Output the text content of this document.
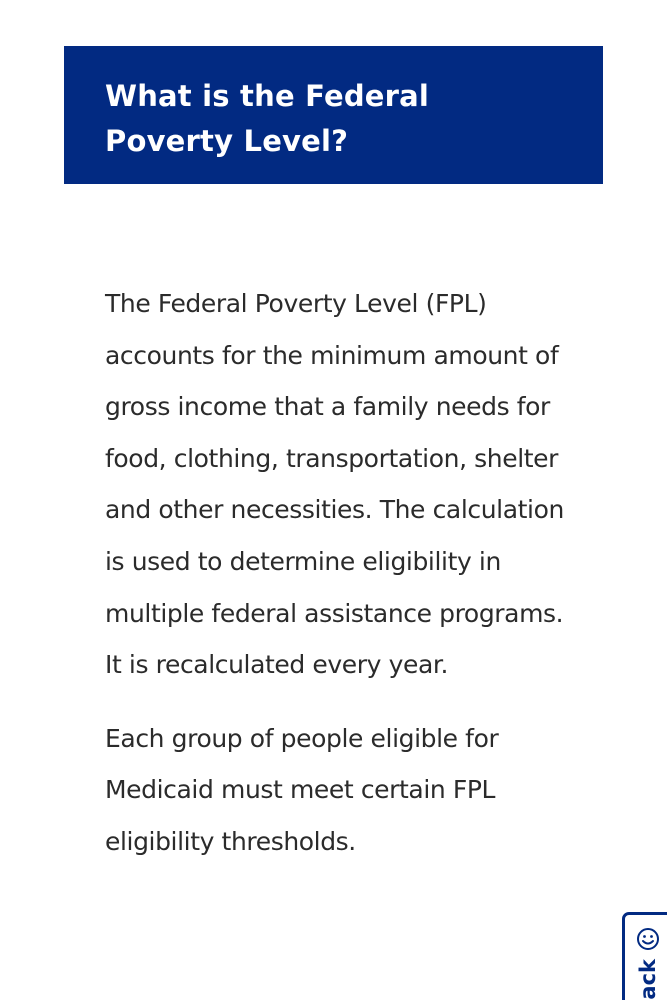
What is the Federal Poverty Level?

The Federal Poverty Level (FPL) accounts for the minimum amount of gross income that a family needs for food, clothing, transportation, shelter and other necessities. The calculation is used to determine eligibility in multiple federal assistance programs. It is recalculated every year.

Each group of people eligible for Medicaid must meet certain FPL eligibility thresholds.

ack
